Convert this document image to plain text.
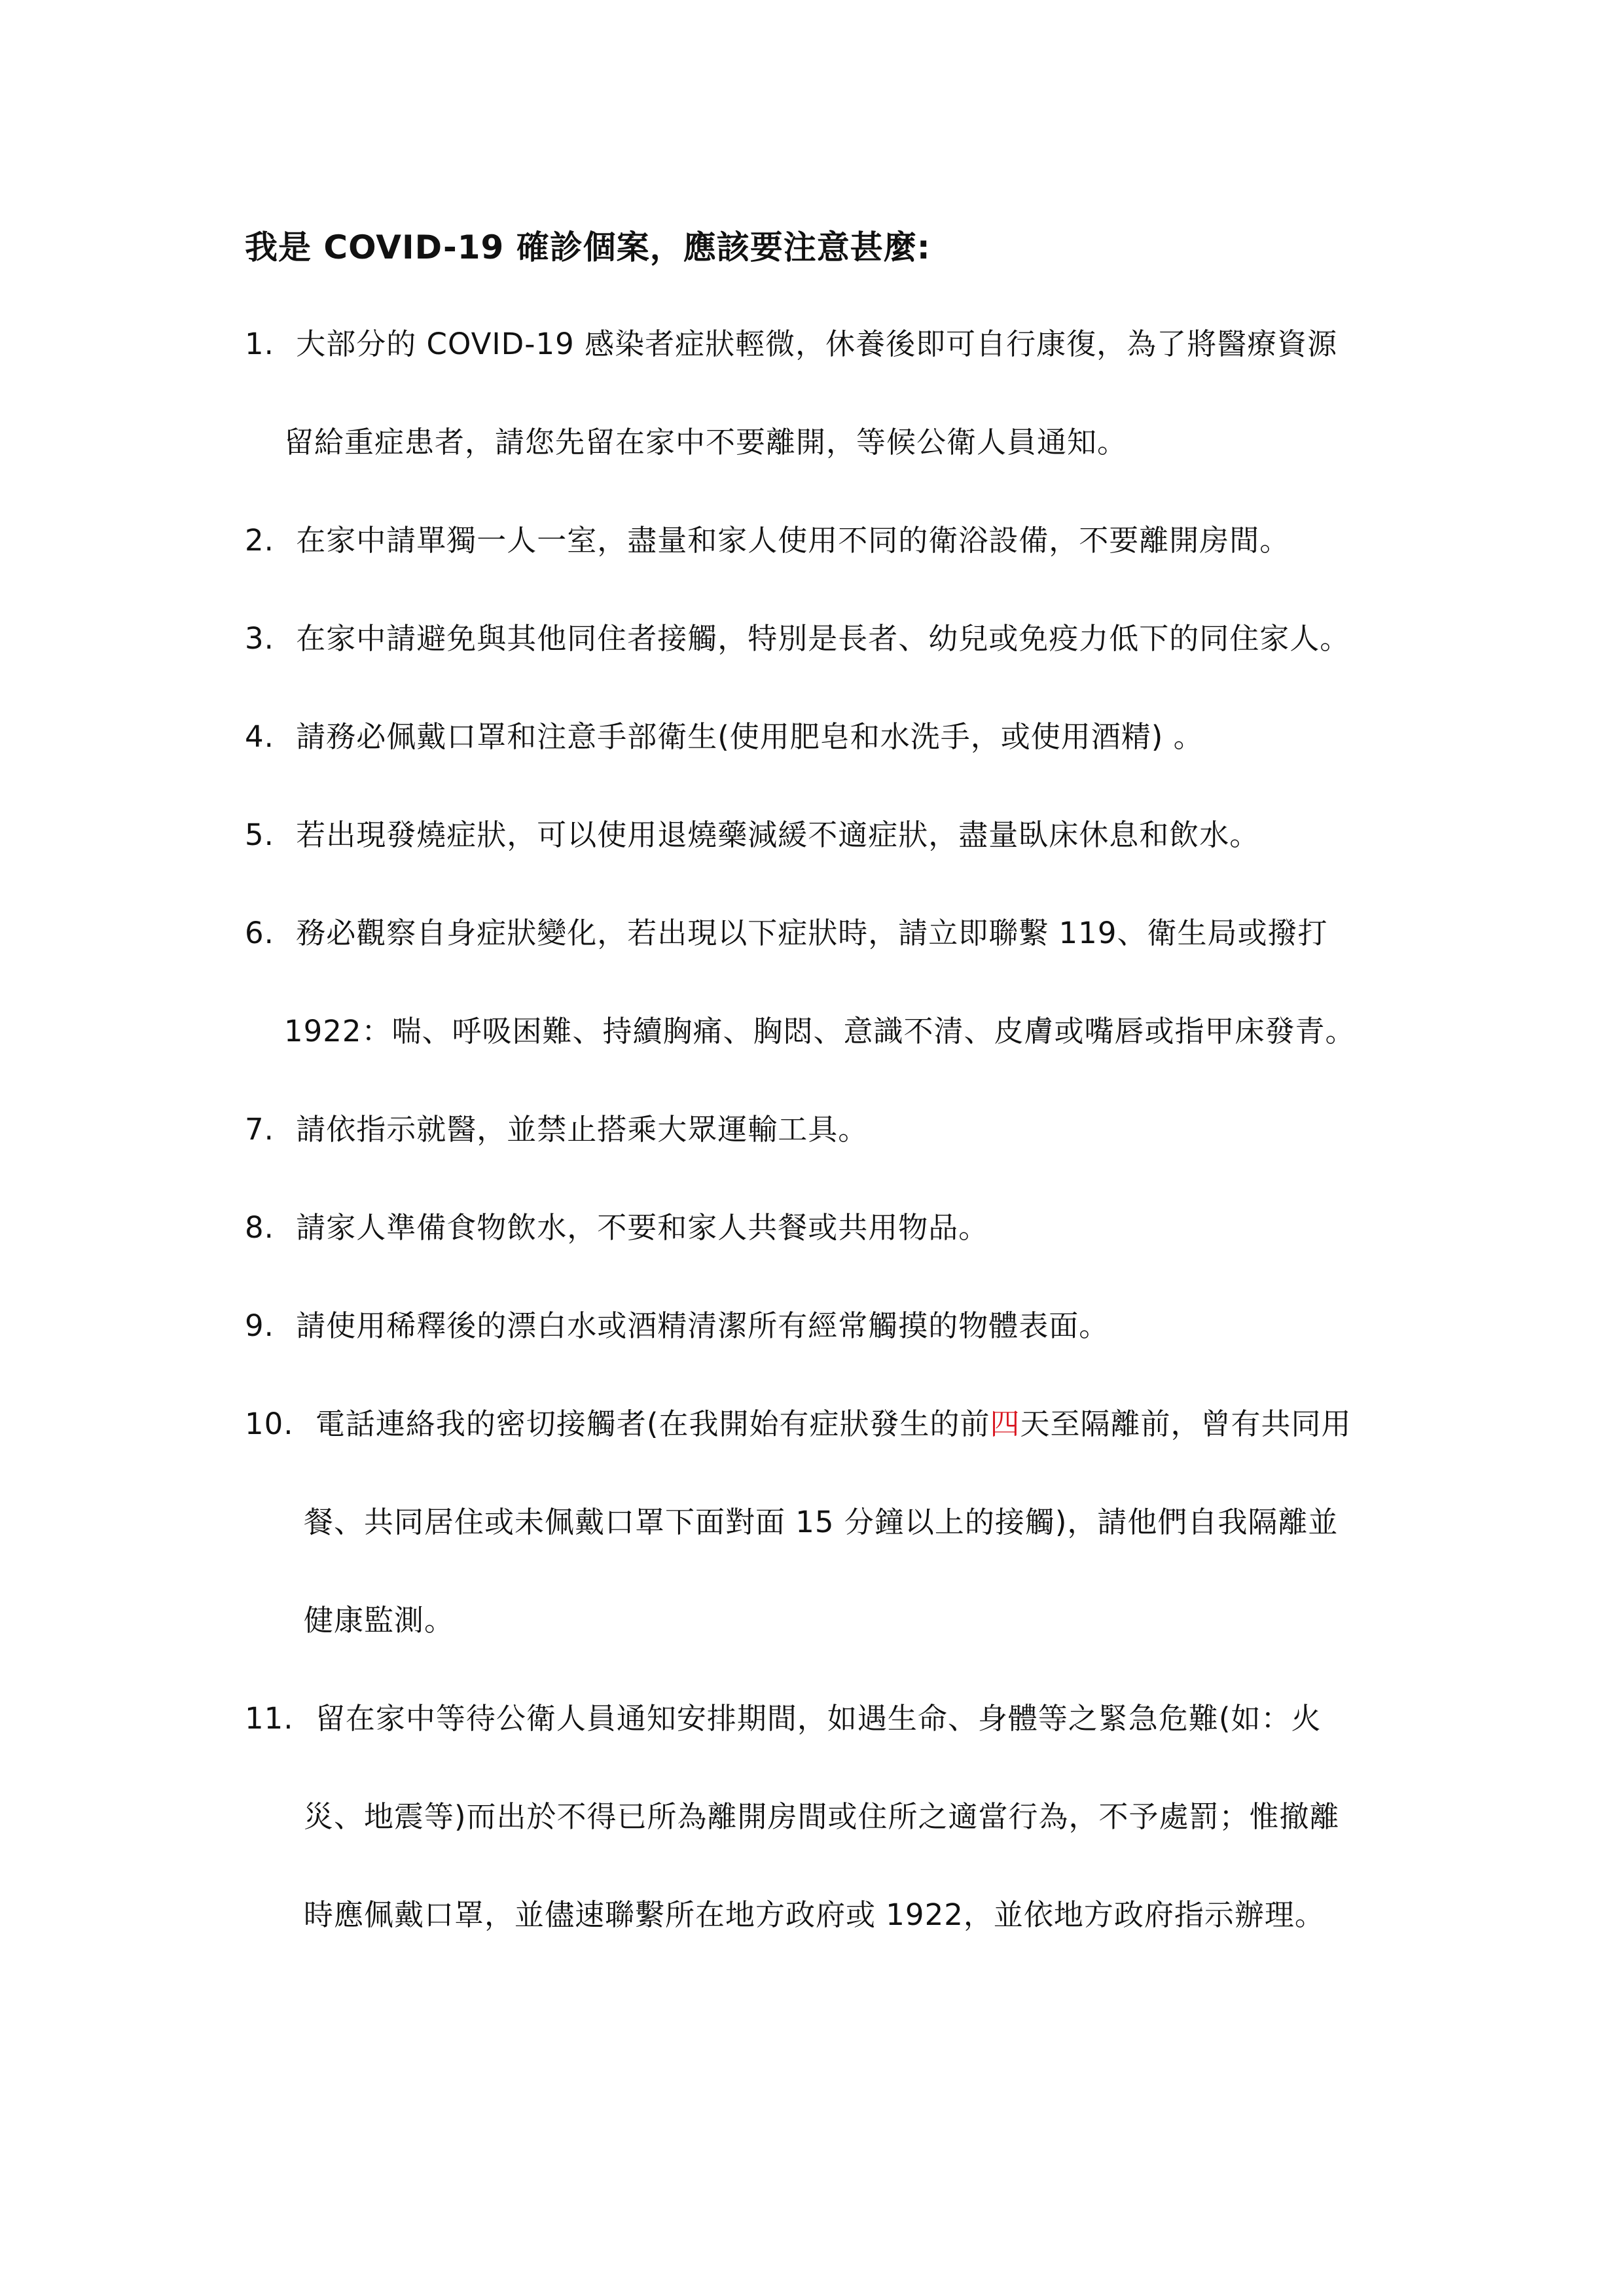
我是 COVID-19 確診個案，應該要注意甚麼:
1. 大部分的 COVID-19 感染者症狀輕微，休養後即可自行康復，為了將醫療資源
留給重症患者，請您先留在家中不要離開，等候公衛人員通知。
2. 在家中請單獨一人一室，盡量和家人使用不同的衛浴設備，不要離開房間。
3. 在家中請避免與其他同住者接觸，特別是長者、幼兒或免疫力低下的同住家人。
4. 請務必佩戴口罩和注意手部衛生(使用肥皂和水洗手，或使用酒精) 。
5. 若出現發燒症狀，可以使用退燒藥減緩不適症狀，盡量臥床休息和飲水。
6. 務必觀察自身症狀變化，若出現以下症狀時，請立即聯繫 119、衛生局或撥打
1922：喘、呼吸困難、持續胸痛、胸悶、意識不清、皮膚或嘴唇或指甲床發青。
7. 請依指示就醫，並禁止搭乘大眾運輸工具。
8. 請家人準備食物飲水，不要和家人共餐或共用物品。
9. 請使用稀釋後的漂白水或酒精清潔所有經常觸摸的物體表面。
10. 電話連絡我的密切接觸者(在我開始有症狀發生的前四天至隔離前，曾有共同用
餐、共同居住或未佩戴口罩下面對面 15 分鐘以上的接觸)，請他們自我隔離並
健康監測。
11. 留在家中等待公衛人員通知安排期間，如遇生命、身體等之緊急危難(如：火
災、地震等)而出於不得已所為離開房間或住所之適當行為，不予處罰；惟撤離
時應佩戴口罩，並儘速聯繫所在地方政府或 1922，並依地方政府指示辦理。
